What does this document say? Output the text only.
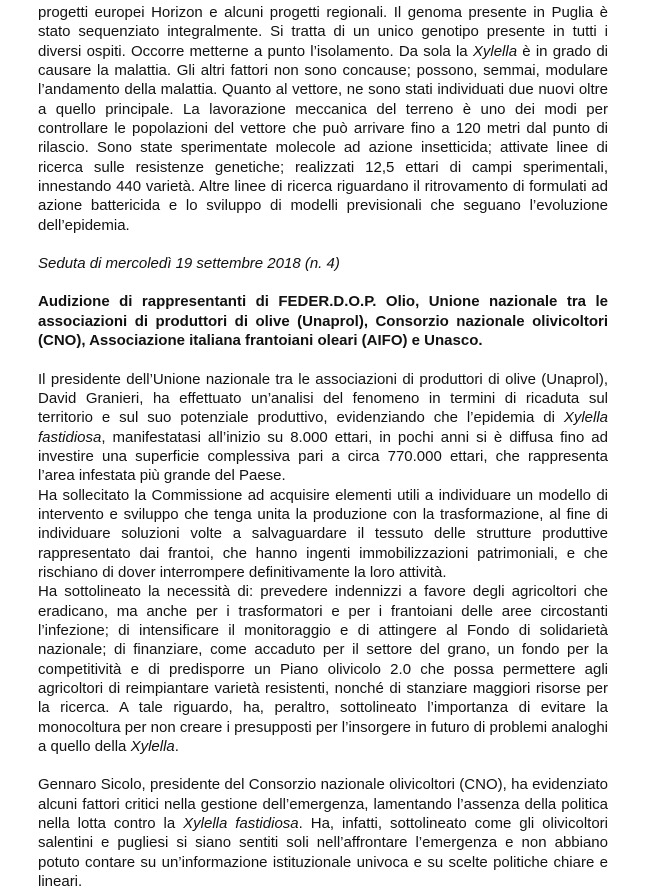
progetti europei Horizon e alcuni progetti regionali. Il genoma presente in Puglia è stato sequenziato integralmente. Si tratta di un unico genotipo presente in tutti i diversi ospiti. Occorre metterne a punto l’isolamento. Da sola la Xylella è in grado di causare la malattia. Gli altri fattori non sono concause; possono, semmai, modulare l’andamento della malattia. Quanto al vettore, ne sono stati individuati due nuovi oltre a quello principale. La lavorazione meccanica del terreno è uno dei modi per controllare le popolazioni del vettore che può arrivare fino a 120 metri dal punto di rilascio. Sono state sperimentate molecole ad azione insetticida; attivate linee di ricerca sulle resistenze genetiche; realizzati 12,5 ettari di campi sperimentali, innestando 440 varietà. Altre linee di ricerca riguardano il ritrovamento di formulati ad azione battericida e lo sviluppo di modelli previsionali che seguano l’evoluzione dell’epidemia.

Seduta di mercoledì 19 settembre 2018 (n. 4)

Audizione di rappresentanti di FEDER.D.O.P. Olio, Unione nazionale tra le associazioni di produttori di olive (Unaprol), Consorzio nazionale olivicoltori (CNO), Associazione italiana frantoiani oleari (AIFO) e Unasco.

Il presidente dell’Unione nazionale tra le associazioni di produttori di olive (Unaprol), David Granieri, ha effettuato un’analisi del fenomeno in termini di ricaduta sul territorio e sul suo potenziale produttivo, evidenziando che l’epidemia di Xylella fastidiosa, manifestatasi all’inizio su 8.000 ettari, in pochi anni si è diffusa fino ad investire una superficie complessiva pari a circa 770.000 ettari, che rappresenta l’area infestata più grande del Paese.

Ha sollecitato la Commissione ad acquisire elementi utili a individuare un modello di intervento e sviluppo che tenga unita la produzione con la trasformazione, al fine di individuare soluzioni volte a salvaguardare il tessuto delle strutture produttive rappresentato dai frantoi, che hanno ingenti immobilizzazioni patrimoniali, e che rischiano di dover interrompere definitivamente la loro attività.

Ha sottolineato la necessità di: prevedere indennizzi a favore degli agricoltori che eradicano, ma anche per i trasformatori e per i frantoiani delle aree circostanti l’infezione; di intensificare il monitoraggio e di attingere al Fondo di solidarietà nazionale; di finanziare, come accaduto per il settore del grano, un fondo per la competitività e di predisporre un Piano olivicolo 2.0 che possa permettere agli agricoltori di reimpiantare varietà resistenti, nonché di stanziare maggiori risorse per la ricerca. A tale riguardo, ha, peraltro, sottolineato l’importanza di evitare la monocoltura per non creare i presupposti per l’insorgere in futuro di problemi analoghi a quello della Xylella.

Gennaro Sicolo, presidente del Consorzio nazionale olivicoltori (CNO), ha evidenziato alcuni fattori critici nella gestione dell’emergenza, lamentando l’assenza della politica nella lotta contro la Xylella fastidiosa. Ha, infatti, sottolineato come gli olivicoltori salentini e pugliesi si siano sentiti soli nell’affrontare l’emergenza e non abbiano potuto contare su un’informazione istituzionale univoca e su scelte politiche chiare e lineari.
